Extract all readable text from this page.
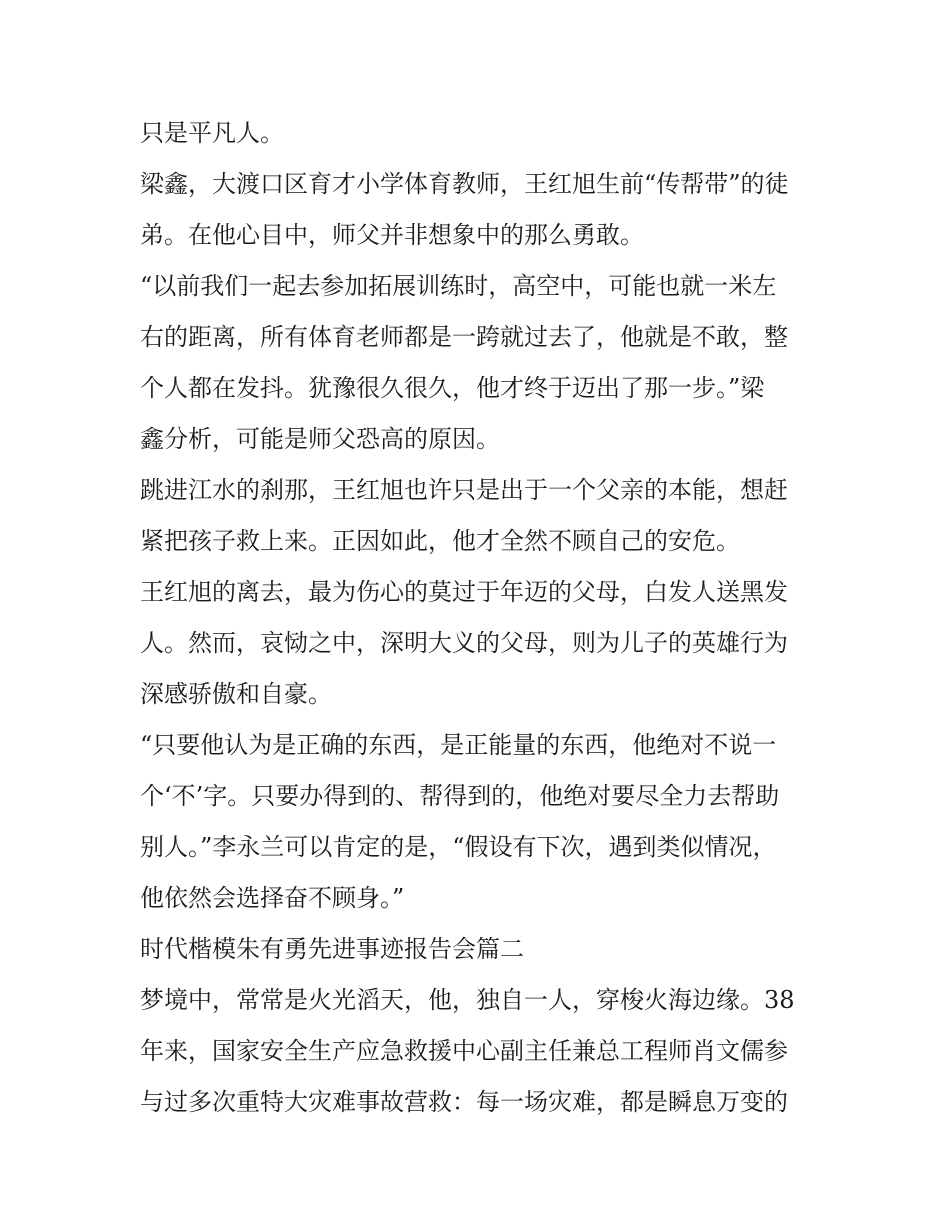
只是平凡人。

梁鑫，大渡口区育才小学体育教师，王红旭生前“传帮带”的徒
弟。在他心目中，师父并非想象中的那么勇敢。

“以前我们一起去参加拓展训练时，高空中，可能也就一米左
右的距离，所有体育老师都是一跨就过去了，他就是不敢，整
个人都在发抖。犹豫很久很久，他才终于迈出了那一步。”梁
鑫分析，可能是师父恐高的原因。

跳进江水的刹那，王红旭也许只是出于一个父亲的本能，想赶
紧把孩子救上来。正因如此，他才全然不顾自己的安危。

王红旭的离去，最为伤心的莫过于年迈的父母，白发人送黑发
人。然而，哀恸之中，深明大义的父母，则为儿子的英雄行为
深感骄傲和自豪。

“只要他认为是正确的东西，是正能量的东西，他绝对不说一
个‘不’字。只要办得到的、帮得到的，他绝对要尽全力去帮助
别人。”李永兰可以肯定的是，“假设有下次，遇到类似情况，
他依然会选择奋不顾身。”

时代楷模朱有勇先进事迹报告会篇二

梦境中，常常是火光滔天，他，独自一人，穿梭火海边缘。38
年来，国家安全生产应急救援中心副主任兼总工程师肖文儒参
与过多次重特大灾难事故营救：每一场灾难，都是瞬息万变的
